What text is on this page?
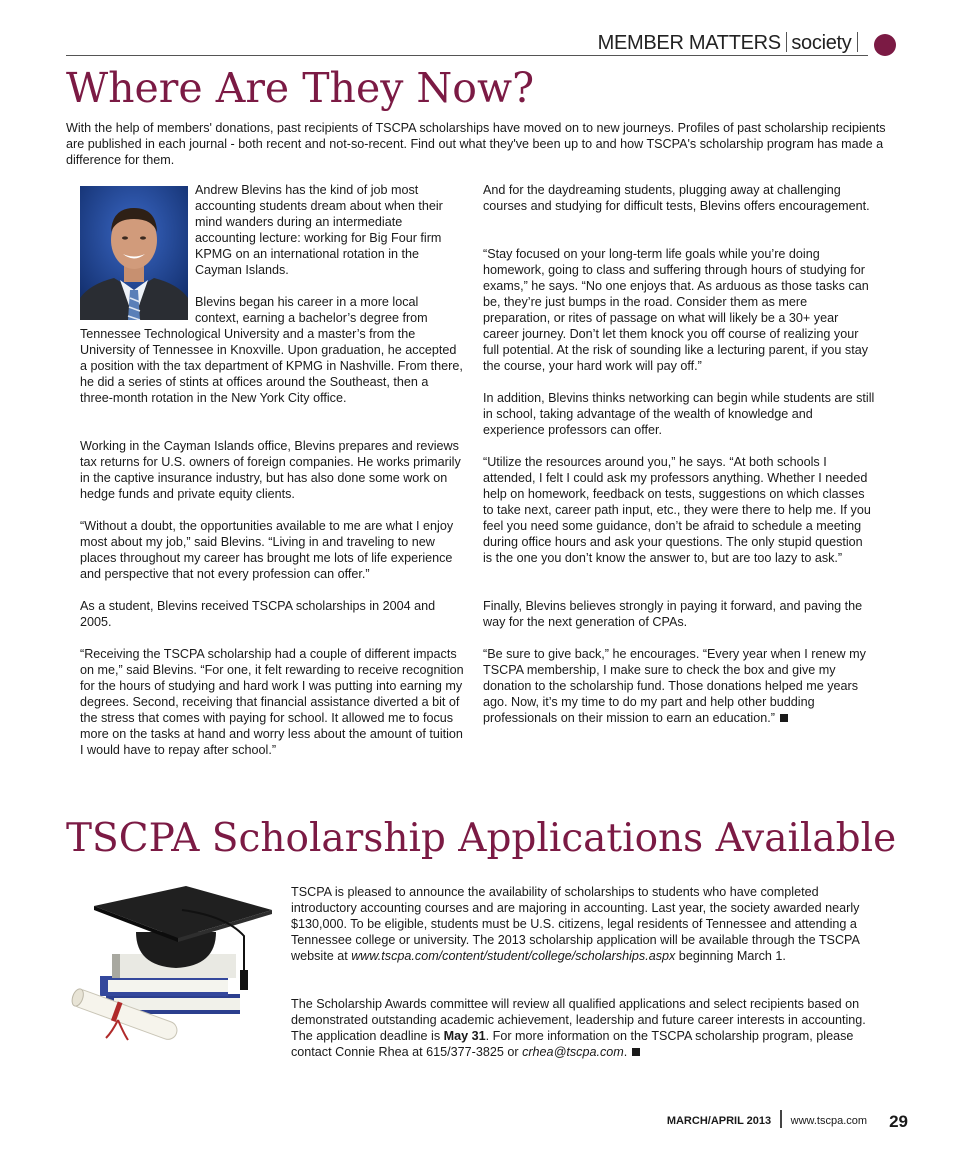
MEMBER MATTERS society
Where Are They Now?

With the help of members' donations, past recipients of TSCPA scholarships have moved on to new journeys. Profiles of past scholarship recipients are published in each journal - both recent and not-so-recent. Find out what they've been up to and how TSCPA's scholarship program has made a difference for them.

Andrew Blevins has the kind of job most accounting students dream about when their mind wanders during an intermediate accounting lecture: working for Big Four firm KPMG on an international rotation in the Cayman Islands.

Blevins began his career in a more local context, earning a bachelor’s degree from

Tennessee Technological University and a master’s from the University of Tennessee in Knoxville. Upon graduation, he accepted a position with the tax department of KPMG in Nashville. From there, he did a series of stints at offices around the Southeast, then a three-month rotation in the New York City office.

Working in the Cayman Islands office, Blevins prepares and reviews tax returns for U.S. owners of foreign companies. He works primarily in the captive insurance industry, but has also done some work on hedge funds and private equity clients.

“Without a doubt, the opportunities available to me are what I enjoy most about my job,” said Blevins. “Living in and traveling to new places throughout my career has brought me lots of life experience and perspective that not every profession can offer.”

As a student, Blevins received TSCPA scholarships in 2004 and 2005.

“Receiving the TSCPA scholarship had a couple of different impacts on me,” said Blevins. “For one, it felt rewarding to receive recognition for the hours of studying and hard work I was putting into earning my degrees. Second, receiving that financial assistance diverted a bit of the stress that comes with paying for school. It allowed me to focus more on the tasks at hand and worry less about the amount of tuition I would have to repay after school.”

And for the daydreaming students, plugging away at challenging courses and studying for difficult tests, Blevins offers encouragement.

“Stay focused on your long-term life goals while you’re doing homework, going to class and suffering through hours of studying for exams,” he says. “No one enjoys that. As arduous as those tasks can be, they’re just bumps in the road. Consider them as mere preparation, or rites of passage on what will likely be a 30+ year career journey. Don’t let them knock you off course of realizing your full potential. At the risk of sounding like a lecturing parent, if you stay the course, your hard work will pay off.”

In addition, Blevins thinks networking can begin while students are still in school, taking advantage of the wealth of knowledge and experience professors can offer.

“Utilize the resources around you,” he says. “At both schools I attended, I felt I could ask my professors anything. Whether I needed help on homework, feedback on tests, suggestions on which classes to take next, career path input, etc., they were there to help me. If you feel you need some guidance, don’t be afraid to schedule a meeting during office hours and ask your questions. The only stupid question is the one you don’t know the answer to, but are too lazy to ask.”

Finally, Blevins believes strongly in paying it forward, and paving the way for the next generation of CPAs.

“Be sure to give back,” he encourages. “Every year when I renew my TSCPA membership, I make sure to check the box and give my donation to the scholarship fund. Those donations helped me years ago. Now, it’s my time to do my part and help other budding professionals on their mission to earn an education.”

TSCPA Scholarship Applications Available

TSCPA is pleased to announce the availability of scholarships to students who have completed introductory accounting courses and are majoring in accounting. Last year, the society awarded nearly $130,000. To be eligible, students must be U.S. citizens, legal residents of Tennessee and attending a Tennessee college or university. The 2013 scholarship application will be available through the TSCPA website at www.tscpa.com/content/student/college/scholarships.aspx beginning March 1.

The Scholarship Awards committee will review all qualified applications and select recipients based on demonstrated outstanding academic achievement, leadership and future career interests in accounting. The application deadline is May 31. For more information on the TSCPA scholarship program, please contact Connie Rhea at 615/377-3825 or crhea@tscpa.com.

MARCH/APRIL 2013 www.tscpa.com 29
